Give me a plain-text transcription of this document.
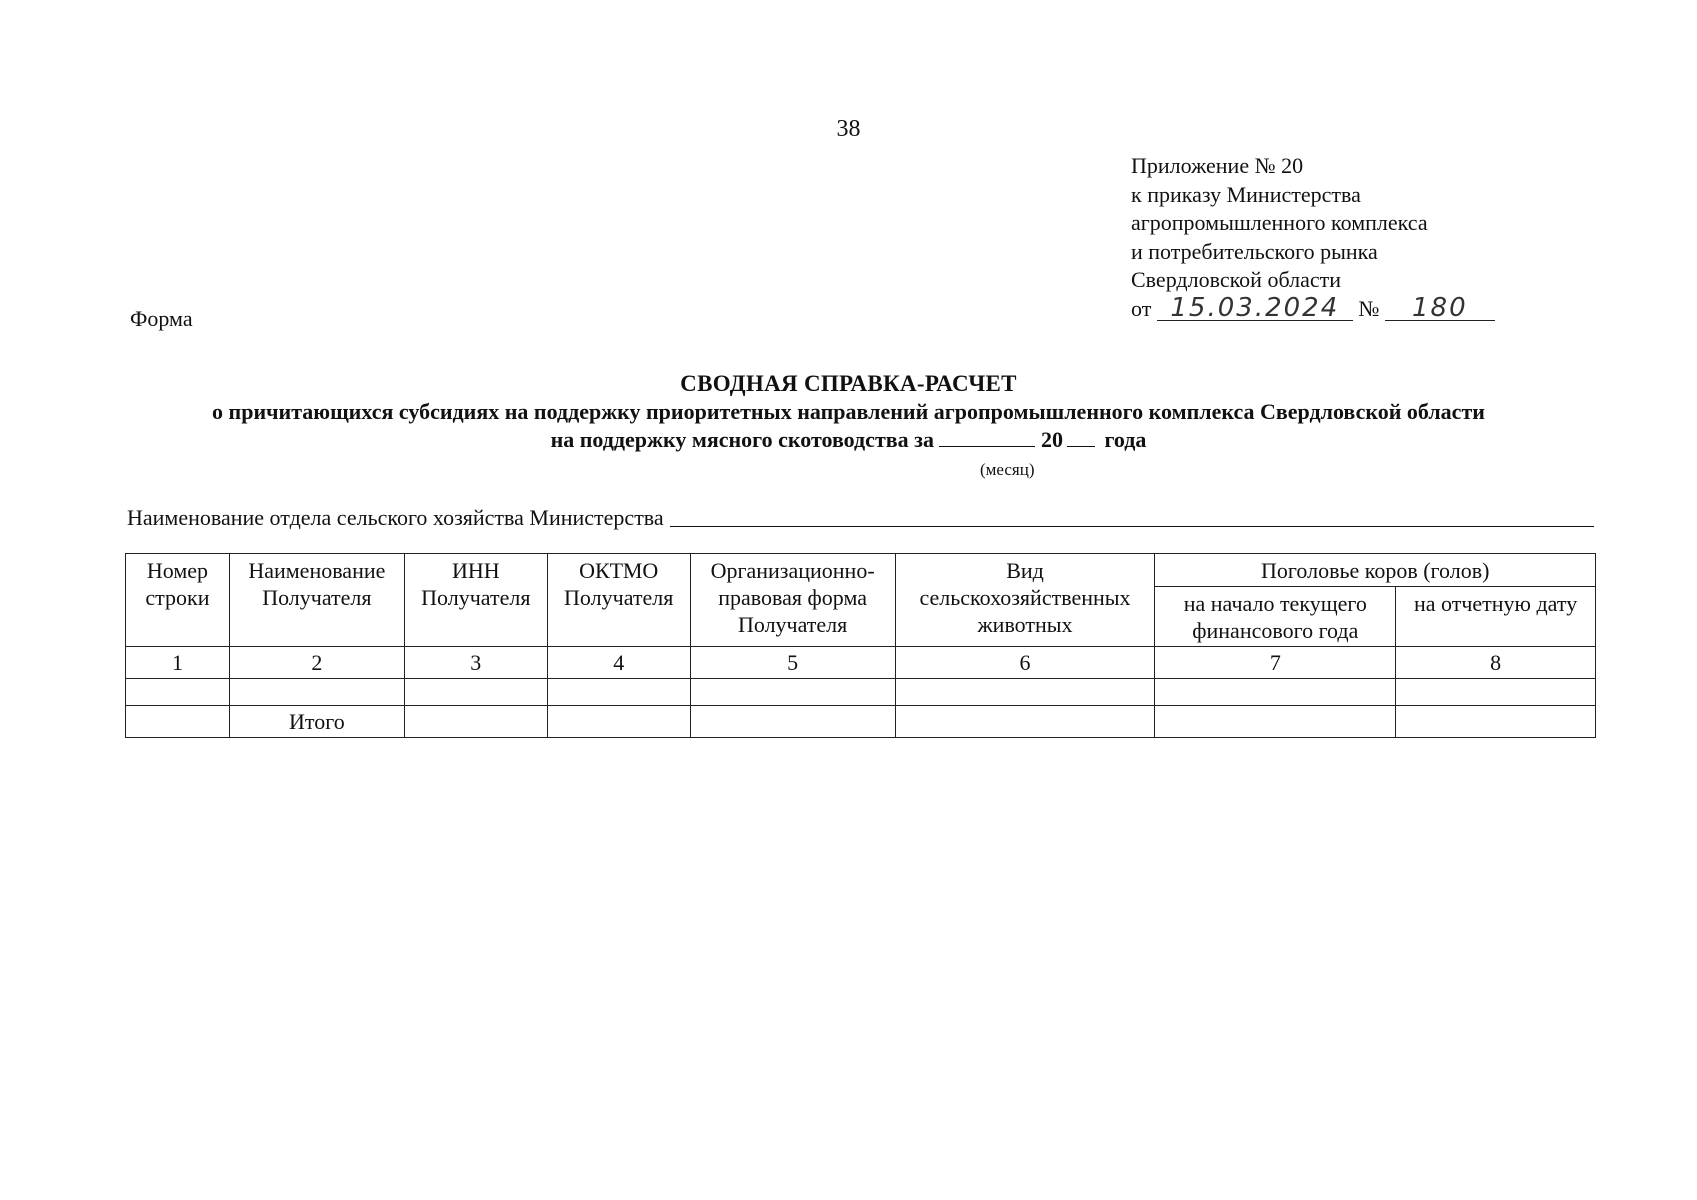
38
Приложение № 20
к приказу Министерства
агропромышленного комплекса
и потребительского рынка
Свердловской области
от 15.03.2024 № 180
Форма
СВОДНАЯ СПРАВКА-РАСЧЕТ
о причитающихся субсидиях на поддержку приоритетных направлений агропромышленного комплекса Свердловской области
на поддержку мясного скотоводства за	20 года
(месяц)
Наименование отдела сельского хозяйства Министерства
Номер строки	Наименование Получателя	ИНН Получателя	ОКТМО Получателя	Организационно-правовая форма Получателя	Вид сельскохозяйственных животных	Поголовье коров (голов)	
						на начало текущего финансового года	на отчетную дату
1	2	3	4	5	6	7	8

	Итого						
